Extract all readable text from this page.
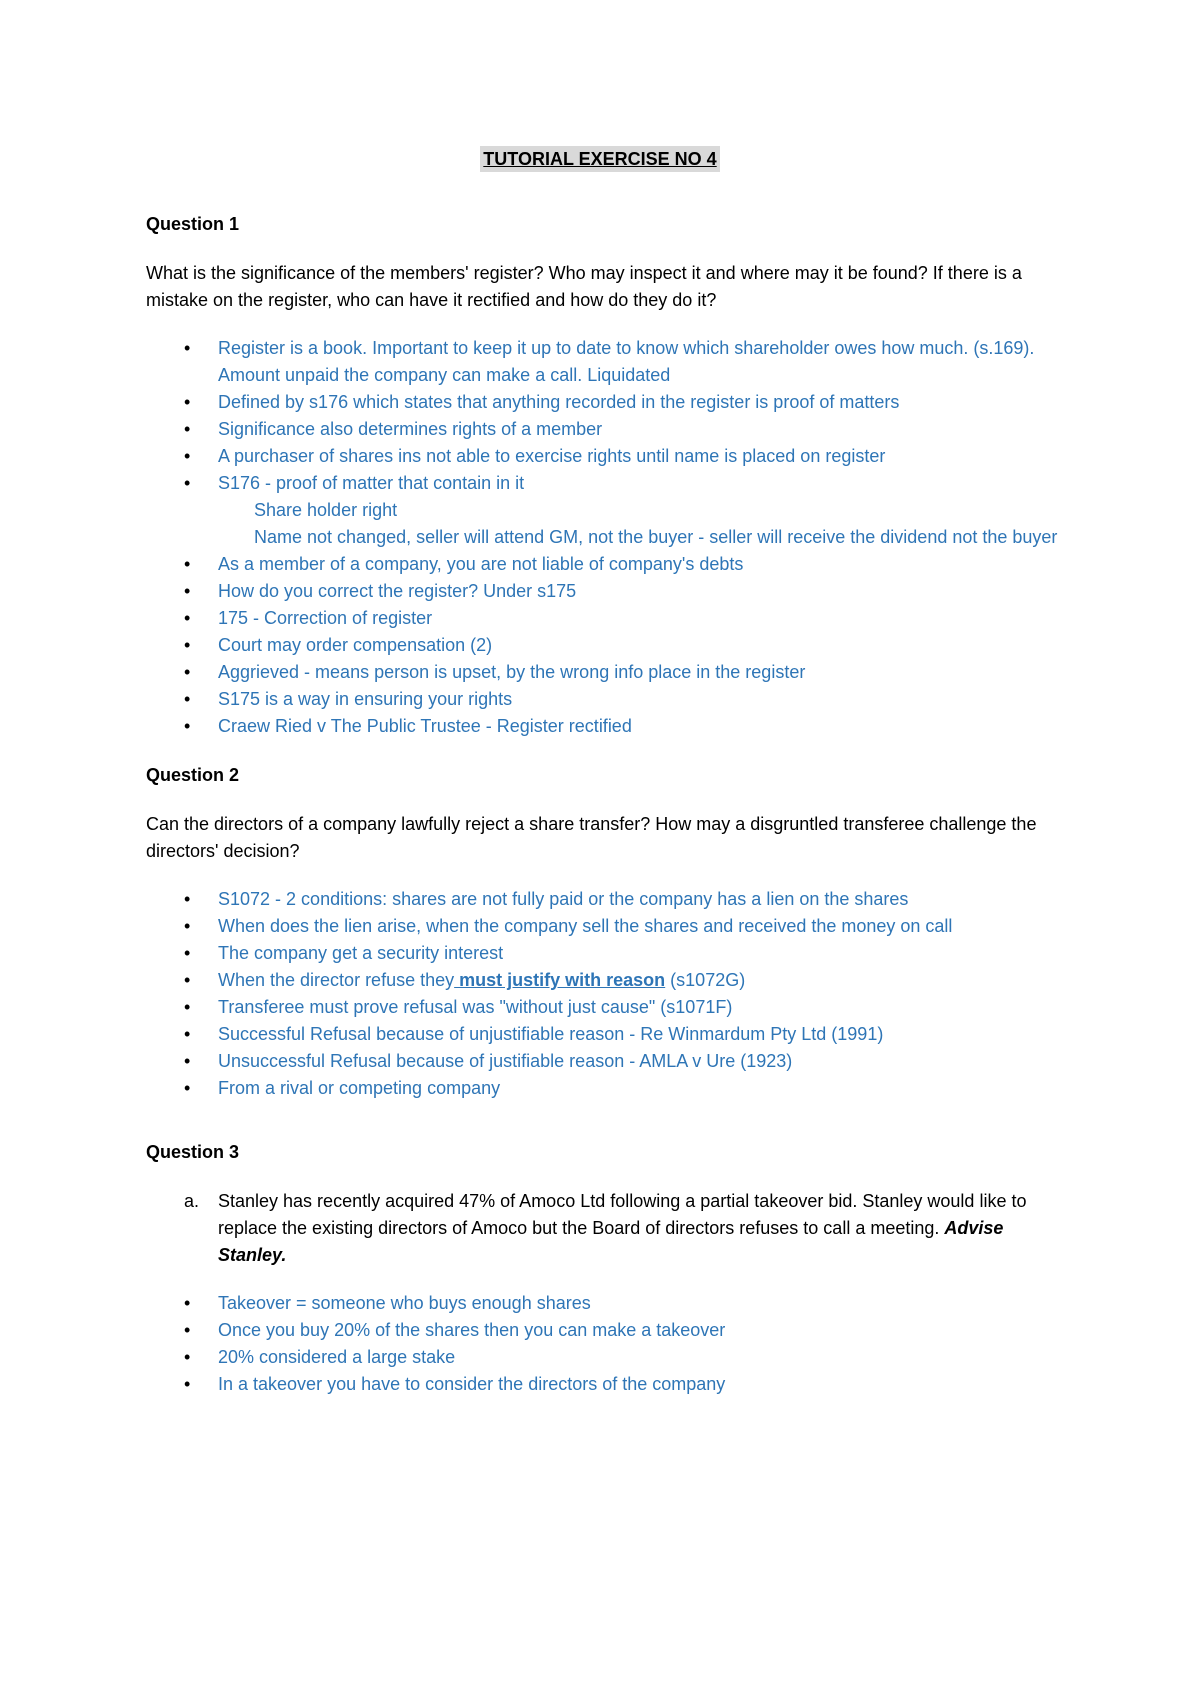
TUTORIAL EXERCISE NO 4
Question 1

What is the significance of the members' register? Who may inspect it and where may it be found? If there is a mistake on the register, who can have it rectified and how do they do it?

• Register is a book. Important to keep it up to date to know which shareholder owes how much. (s.169). Amount unpaid the company can make a call. Liquidated
• Defined by s176 which states that anything recorded in the register is proof of matters
• Significance also determines rights of a member
• A purchaser of shares ins not able to exercise rights until name is placed on register
• S176 - proof of matter that contain in it
Share holder right
Name not changed, seller will attend GM, not the buyer - seller will receive the dividend not the buyer
• As a member of a company, you are not liable of company's debts
• How do you correct the register? Under s175
• 175 - Correction of register
• Court may order compensation (2)
• Aggrieved - means person is upset, by the wrong info place in the register
• S175 is a way in ensuring your rights
• Craew Ried v The Public Trustee - Register rectified
Question 2

Can the directors of a company lawfully reject a share transfer? How may a disgruntled transferee challenge the directors' decision?

• S1072 - 2 conditions: shares are not fully paid or the company has a lien on the shares
• When does the lien arise, when the company sell the shares and received the money on call
• The company get a security interest
• When the director refuse they must justify with reason (s1072G)
• Transferee must prove refusal was "without just cause" (s1071F)
• Successful Refusal because of unjustifiable reason - Re Winmardum Pty Ltd (1991)
• Unsuccessful Refusal because of justifiable reason - AMLA v Ure (1923)
• From a rival or competing company
Question 3
a.	Stanley has recently acquired 47% of Amoco Ltd following a partial takeover bid. Stanley would like to replace the existing directors of Amoco but the Board of directors refuses to call a meeting. Advise Stanley.
• Takeover = someone who buys enough shares
• Once you buy 20% of the shares then you can make a takeover
• 20% considered a large stake
• In a takeover you have to consider the directors of the company
